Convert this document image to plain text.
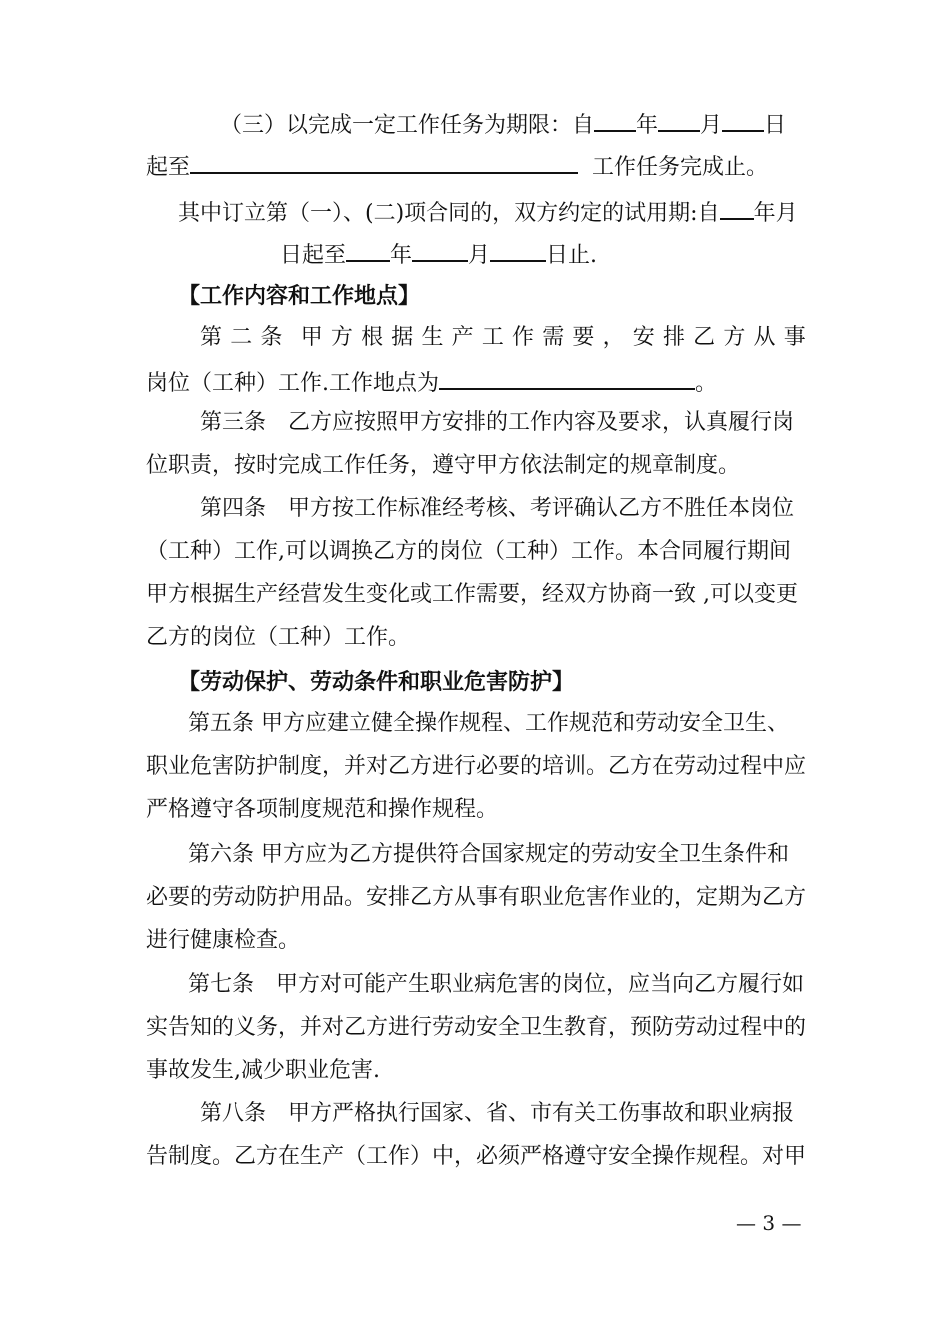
（三）以完成一定工作任务为期限：自 年 月 日
起至	工作任务完成止。
其中订立第（一）、(二)项合同的，双方约定的试用期:自 年月
日起至 年	月	日止.
【工作内容和工作地点】
第 二 条 甲 方 根 据 生 产 工 作 需 要 ， 安 排 乙 方 从 事
岗位（工种）工作.工作地点为	。
第三条　乙方应按照甲方安排的工作内容及要求，认真履行岗
位职责，按时完成工作任务，遵守甲方依法制定的规章制度。
第四条　甲方按工作标准经考核、考评确认乙方不胜任本岗位
（工种）工作,可以调换乙方的岗位（工种）工作。本合同履行期间
甲方根据生产经营发生变化或工作需要，经双方协商一致 ,可以变更
乙方的岗位（工种）工作。
【劳动保护、劳动条件和职业危害防护】
第五条 甲方应建立健全操作规程、工作规范和劳动安全卫生、
职业危害防护制度，并对乙方进行必要的培训。乙方在劳动过程中应
严格遵守各项制度规范和操作规程。
第六条 甲方应为乙方提供符合国家规定的劳动安全卫生条件和
必要的劳动防护用品。安排乙方从事有职业危害作业的，定期为乙方
进行健康检查。
第七条　甲方对可能产生职业病危害的岗位，应当向乙方履行如
实告知的义务，并对乙方进行劳动安全卫生教育，预防劳动过程中的
事故发生,减少职业危害.
第八条　甲方严格执行国家、省、市有关工伤事故和职业病报
告制度。乙方在生产（工作）中，必须严格遵守安全操作规程。对甲
— 3 —
